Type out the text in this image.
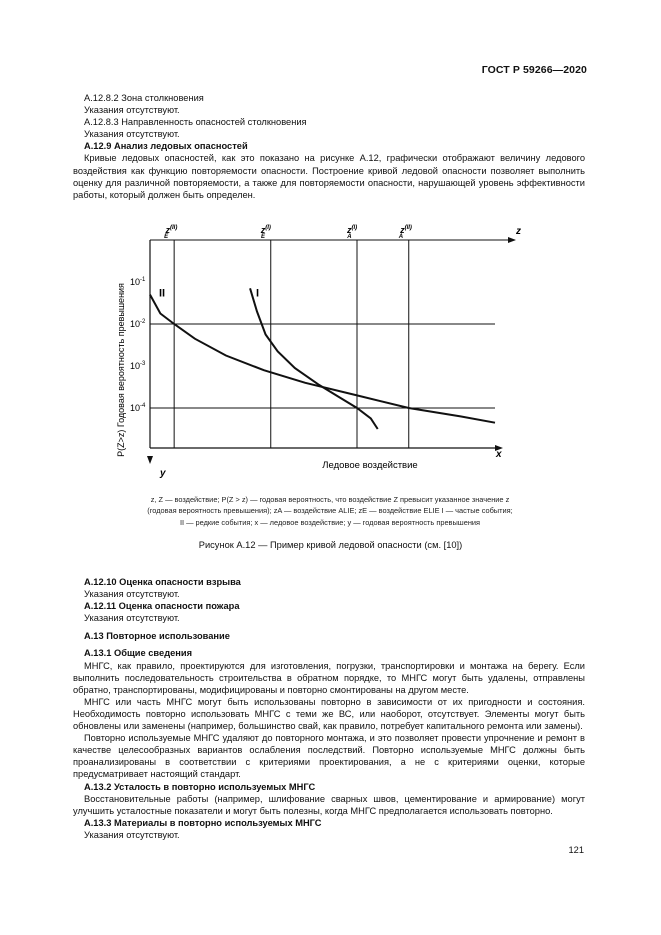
ГОСТ Р 59266—2020

A.12.8.2 Зона столкновения

Указания отсутствуют.

A.12.8.3 Направленность опасностей столкновения

Указания отсутствуют.

A.12.9 Анализ ледовых опасностей

Кривые ледовых опасностей, как это показано на рисунке A.12, графически отображают величину ледового воздействия как функцию повторяемости опасности. Построение кривой ледовой опасности позволяет выполнить оценку для различной повторяемости, а также для повторяемости опасности, нарушающей уровень эффективности работы, который должен быть определен.

$z^{(II)}$ E
$z^{(I)}$ E
$z^{(I)}$ A
$z^{(II)}$ A
$10^{-1}$
$10^{-2}$
$10^{-3}$
$10^{-4}$
I
II
Ледовое воздействие
x
z
y
P(Z>z) Годовая вероятность превышения
z, Z — воздействие; P(Z > z) — годовая вероятность, что воздействие Z превысит указанное значение z
(годовая вероятность превышения); zA — воздействие ALIE; zE — воздействие ELIE I — частые события;
II — редкие события; x — ледовое воздействие; y — годовая вероятность превышения
Рисунок A.12 — Пример кривой ледовой опасности (см. [10])

A.12.10 Оценка опасности взрыва

Указания отсутствуют.

A.12.11 Оценка опасности пожара

Указания отсутствуют.

A.13 Повторное использование

A.13.1 Общие сведения

МНГС, как правило, проектируются для изготовления, погрузки, транспортировки и монтажа на берегу. Если выполнить последовательность строительства в обратном порядке, то МНГС могут быть удалены, отправлены обратно, транспортированы, модифицированы и повторно смонтированы на другом месте.

МНГС или часть МНГС могут быть использованы повторно в зависимости от их пригодности и состояния. Необходимость повторно использовать МНГС с теми же ВС, или наоборот, отсутствует. Элементы могут быть обновлены или заменены (например, большинство свай, как правило, потребует капитального ремонта или замены).

Повторно используемые МНГС удаляют до повторного монтажа, и это позволяет провести упрочнение и ремонт в качестве целесообразных вариантов ослабления последствий. Повторно используемые МНГС должны быть проанализированы в соответствии с критериями проектирования, а не с критериями оценки, которые предусматривает настоящий стандарт.

A.13.2 Усталость в повторно используемых МНГС

Восстановительные работы (например, шлифование сварных швов, цементирование и армирование) могут улучшить усталостные показатели и могут быть полезны, когда МНГС предполагается использовать повторно.

A.13.3 Материалы в повторно используемых МНГС

Указания отсутствуют.

121
